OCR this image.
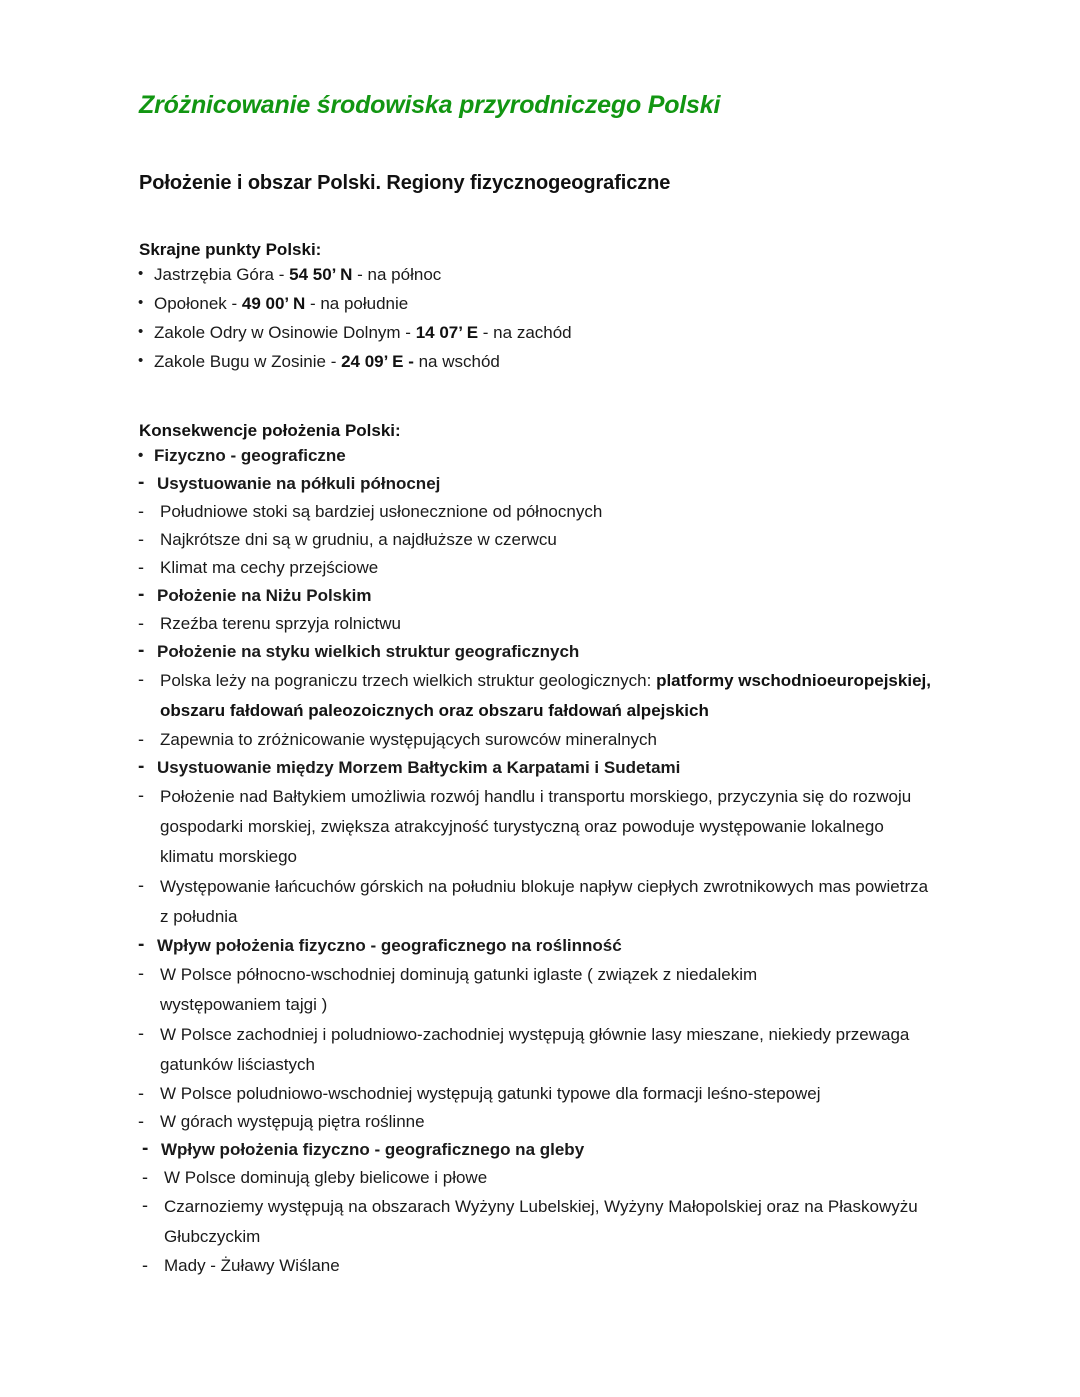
Zróżnicowanie środowiska przyrodniczego Polski
Położenie i obszar Polski. Regiony fizycznogeograficzne
Skrajne punkty Polski:
• Jastrzębia Góra - 54 50’ N - na północ
• Opołonek - 49 00’ N - na południe
• Zakole Odry w Osinowie Dolnym - 14 07’ E - na zachód
• Zakole Bugu w Zosinie - 24 09’ E - na wschód
Konsekwencje położenia Polski:
• Fizyczno - geograficzne
- Usystuowanie na półkuli północnej
- Południowe stoki są bardziej usłonecznione od północnych
- Najkrótsze dni są w grudniu, a najdłuższe w czerwcu
- Klimat ma cechy przejściowe
- Położenie na Niżu Polskim
- Rzeźba terenu sprzyja rolnictwu
- Położenie na styku wielkich struktur geograficznych
- Polska leży na pograniczu trzech wielkich struktur geologicznych: platformy wschodnioeuropejskiej, obszaru fałdowań paleozoicznych oraz obszaru fałdowań alpejskich
- Zapewnia to zróżnicowanie występujących surowców mineralnych
- Usystuowanie między Morzem Bałtyckim a Karpatami i Sudetami
- Położenie nad Bałtykiem umożliwia rozwój handlu i transportu morskiego, przyczynia się do rozwoju gospodarki morskiej, zwiększa atrakcyjność turystyczną oraz powoduje występowanie lokalnego klimatu morskiego
- Występowanie łańcuchów górskich na południu blokuje napływ ciepłych zwrotnikowych mas powietrza z południa
- Wpływ położenia fizyczno - geograficznego na roślinność
- W Polsce północno-wschodniej dominują gatunki iglaste ( związek z niedalekim występowaniem tajgi )
- W Polsce zachodniej i poludniowo-zachodniej występują głównie lasy mieszane, niekiedy przewaga gatunków liściastych
- W Polsce poludniowo-wschodniej występują gatunki typowe dla formacji leśno-stepowej
- W górach występują piętra roślinne
- Wpływ położenia fizyczno - geograficznego na gleby
- W Polsce dominują gleby bielicowe i płowe
- Czarnoziemy występują na obszarach Wyżyny Lubelskiej, Wyżyny Małopolskiej oraz na Płaskowyżu Głubczyckim
- Mady - Żuławy Wiślane
